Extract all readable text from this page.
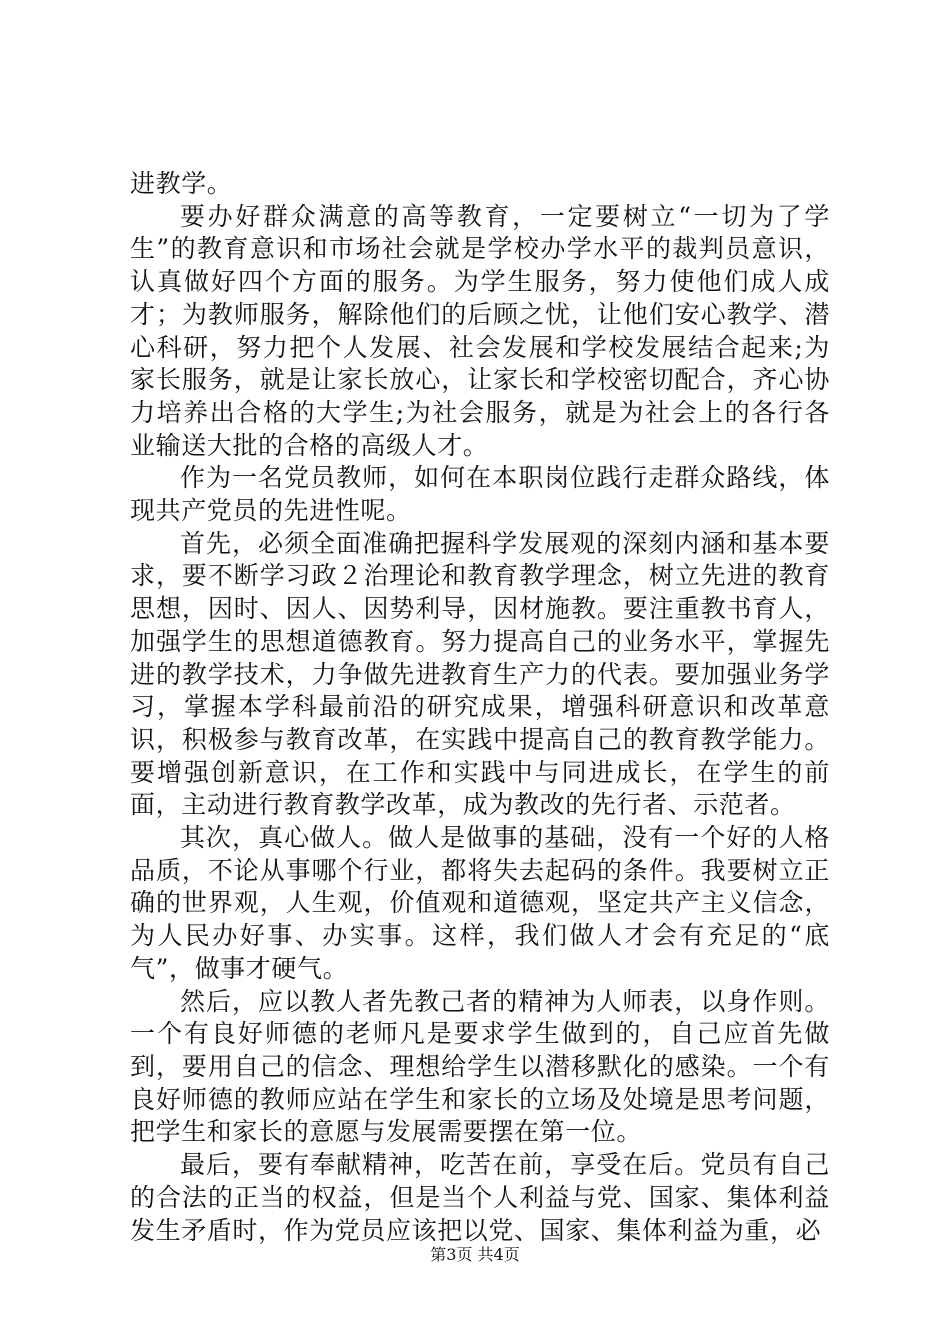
进教学。

要办好群众满意的高等教育，一定要树立“一切为了学生”的教育意识和市场社会就是学校办学水平的裁判员意识，认真做好四个方面的服务。为学生服务，努力使他们成人成才；为教师服务，解除他们的后顾之忧，让他们安心教学、潜心科研，努力把个人发展、社会发展和学校发展结合起来;为家长服务，就是让家长放心，让家长和学校密切配合，齐心协力培养出合格的大学生;为社会服务，就是为社会上的各行各业输送大批的合格的高级人才。

作为一名党员教师，如何在本职岗位践行走群众路线，体现共产党员的先进性呢。

首先，必须全面准确把握科学发展观的深刻内涵和基本要求，要不断学习政２治理论和教育教学理念，树立先进的教育思想，因时、因人、因势利导，因材施教。要注重教书育人，加强学生的思想道德教育。努力提高自己的业务水平，掌握先进的教学技术，力争做先进教育生产力的代表。要加强业务学习，掌握本学科最前沿的研究成果，增强科研意识和改革意识，积极参与教育改革，在实践中提高自己的教育教学能力。要增强创新意识，在工作和实践中与同进成长，在学生的前面，主动进行教育教学改革，成为教改的先行者、示范者。

其次，真心做人。做人是做事的基础，没有一个好的人格品质，不论从事哪个行业，都将失去起码的条件。我要树立正确的世界观，人生观，价值观和道德观，坚定共产主义信念，为人民办好事、办实事。这样，我们做人才会有充足的“底气”，做事才硬气。

然后，应以教人者先教己者的精神为人师表，以身作则。一个有良好师德的老师凡是要求学生做到的，自己应首先做到，要用自己的信念、理想给学生以潜移默化的感染。一个有良好师德的教师应站在学生和家长的立场及处境是思考问题，把学生和家长的意愿与发展需要摆在第一位。

最后，要有奉献精神，吃苦在前，享受在后。党员有自己的合法的正当的权益，但是当个人利益与党、国家、集体利益发生矛盾时，作为党员应该把以党、国家、集体利益为重，必

第3页 共4页
